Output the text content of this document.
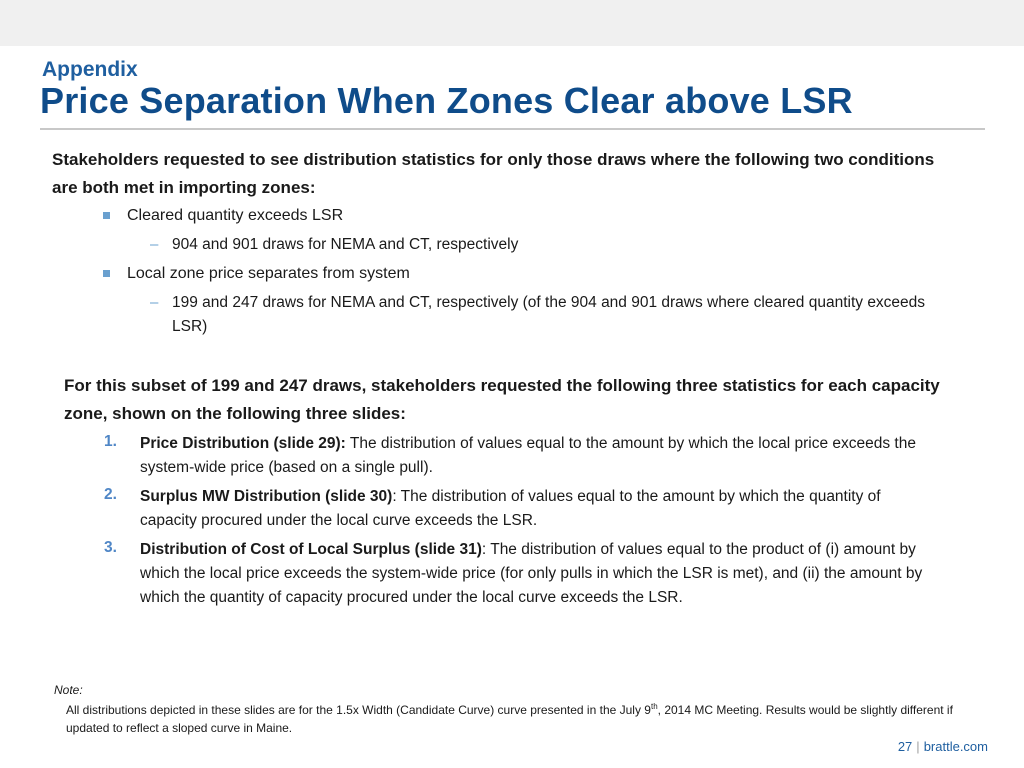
Appendix
Price Separation When Zones Clear above LSR
Stakeholders requested to see distribution statistics for only those draws where the following two conditions are both met in importing zones:
Cleared quantity exceeds LSR
– 904 and 901 draws for NEMA and CT, respectively
Local zone price separates from system
– 199 and 247 draws for NEMA and CT, respectively (of the 904 and 901 draws where cleared quantity exceeds LSR)
For this subset of 199 and 247 draws, stakeholders requested the following three statistics for each capacity zone, shown on the following three slides:
1. Price Distribution (slide 29): The distribution of values equal to the amount by which the local price exceeds the system-wide price (based on a single pull).
2. Surplus MW Distribution (slide 30): The distribution of values equal to the amount by which the quantity of capacity procured under the local curve exceeds the LSR.
3. Distribution of Cost of Local Surplus (slide 31): The distribution of values equal to the product of (i) amount by which the local price exceeds the system-wide price (for only pulls in which the LSR is met), and (ii) the amount by which the quantity of capacity procured under the local curve exceeds the LSR.
Note:
All distributions depicted in these slides are for the 1.5x Width (Candidate Curve) curve presented in the July 9th, 2014 MC Meeting. Results would be slightly different if updated to reflect a sloped curve in Maine.
27 | brattle.com
